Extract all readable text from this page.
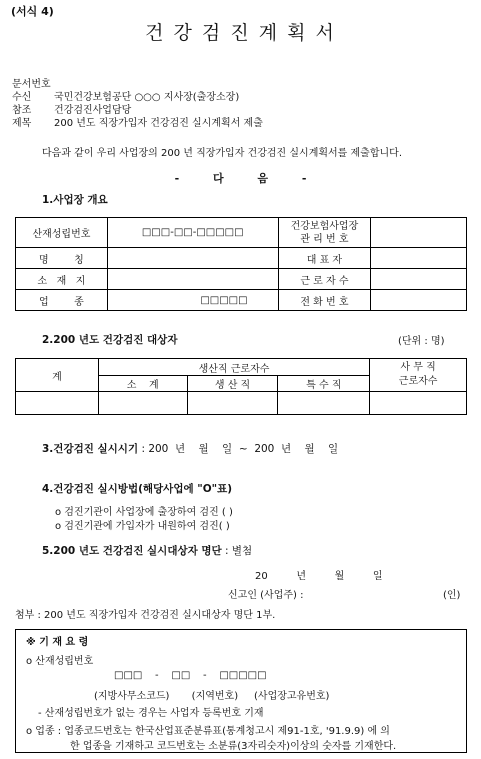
(서식 4)
건 강 검 진 계 획 서
문서번호
수신 국민건강보험공단 ○○○ 지사장(출장소장)
참조 건강검진사업담당
제목 200 년도 직장가입자 건강검진 실시계획서 제출
다음과 같이 우리 사업장의 200 년 직장가입자 건강검진 실시계획서를 제출합니다.
- 다 음 -
1.사업장 개요
산재성립번호	□□□-□□-□□□□□	건강보험사업장
관 리 번 호	
명        칭		대 표 자	
소   재   지		근 로 자 수	
업        종	□□□□□	전 화 번 호	
2.200 년도 건강검진 대상자	(단위 : 명)
계	생산직 근로자수			사 무 직
근로자수
	소    계	생 산 직	특 수 직	

3.건강검진 실시시기 : 200  년    월    일  ~  200  년    월    일
4.건강검진 실시방법(해당사업에 "O"표)
o 검진기관이 사업장에 출장하여 검진 ( )
o 검진기관에 가입자가 내원하여 검진( )
5.200 년도 건강검진 실시대상자 명단 : 별첨
20         년         월         일
신고인 (사업주) :	(인)
첨부 : 200 년도 직장가입자 건강검진 실시대상자 명단 1부.
※ 기 재 요 령
o 산재성립번호
□□□    -    □□    -    □□□□□
(지방사무소코드)       (지역번호)     (사업장고유번호)
- 산재성립번호가 없는 경우는 사업자 등록번호 기재
o 업종 : 업종코드번호는 한국산업표준분류표(통계청고시 제91-1호, '91.9.9) 에 의
한 업종을 기재하고 코드번호는 소분류(3자리숫자)이상의 숫자를 기재한다.
